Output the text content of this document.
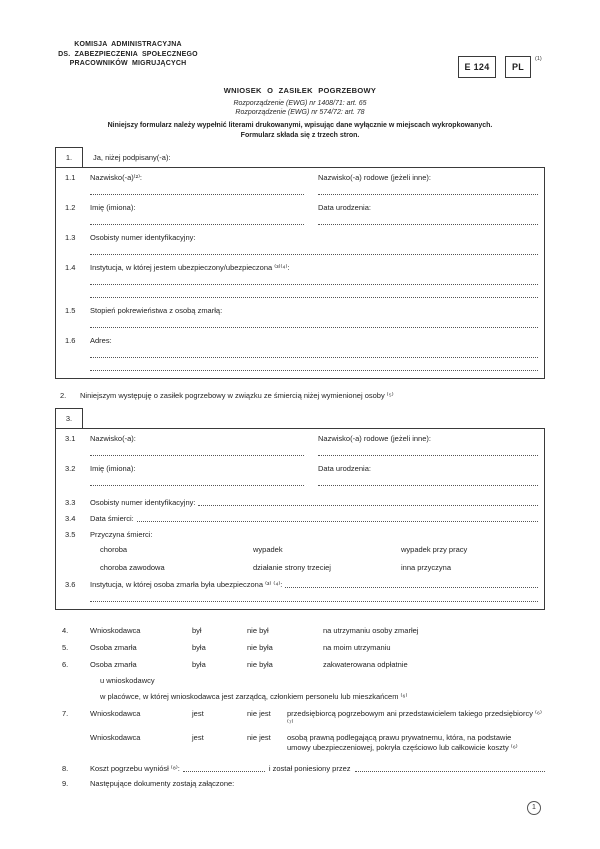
KOMISJA ADMINISTRACYJNA
DS. ZABEZPIECZENIA SPOŁECZNEGO
PRACOWNIKÓW MIGRUJĄCYCH	E 124	PL
(1)
WNIOSEK O ZASIŁEK POGRZEBOWY
Rozporządzenie (EWG) nr 1408/71: art. 65
Rozporządzenie (EWG) nr 574/72: art. 78
Niniejszy formularz należy wypełnić literami drukowanymi, wpisując dane wyłącznie w miejscach wykropkowanych.
Formularz składa się z trzech stron.
1.	Ja, niżej podpisany(-a):
1.1	Nazwisko(-a)⁽²⁾:	Nazwisko(-a) rodowe (jeżeli inne):
1.2	Imię (imiona):	Data urodzenia:
1.3	Osobisty numer identyfikacyjny:
1.4	Instytucja, w której jestem ubezpieczony/ubezpieczona ⁽³⁾⁽⁴⁾:
1.5	Stopień pokrewieństwa z osobą zmarłą:
1.6	Adres:
2.	Niniejszym występuję o zasiłek pogrzebowy w związku ze śmiercią niżej wymienionej osoby ⁽⁵⁾
3.
3.1	Nazwisko(-a):	Nazwisko(-a) rodowe (jeżeli inne):
3.2	Imię (imiona):	Data urodzenia:
3.3	Osobisty numer identyfikacyjny:
3.4	Data śmierci:
3.5	Przyczyna śmierci:
choroba	wypadek	wypadek przy pracy
choroba zawodowa	działanie strony trzeciej	inna przyczyna
3.6	Instytucja, w której osoba zmarła była ubezpieczona ⁽³⁾ ⁽⁴⁾:
4.	Wnioskodawca	był	nie był	na utrzymaniu osoby zmarłej
5.	Osoba zmarła	była	nie była	na moim utrzymaniu
6.	Osoba zmarła	była	nie była	zakwaterowana odpłatnie
u wnioskodawcy
w placówce, w której wnioskodawca jest zarządcą, członkiem personelu lub mieszkańcem ⁽⁶⁾
7.	Wnioskodawca	jest	nie jest	przedsiębiorcą pogrzebowym ani przedstawicielem takiego przedsiębiorcy ⁽⁶⁾ ⁽⁷⁾
Wnioskodawca	jest	nie jest	osobą prawną podlegającą prawu prywatnemu, która, na podstawie umowy ubezpieczeniowej, pokryła częściowo lub całkowicie koszty ⁽⁶⁾
8.	Koszt pogrzebu wyniósł ⁽⁸⁾:	i został poniesiony przez
9.	Następujące dokumenty zostają załączone:
1
